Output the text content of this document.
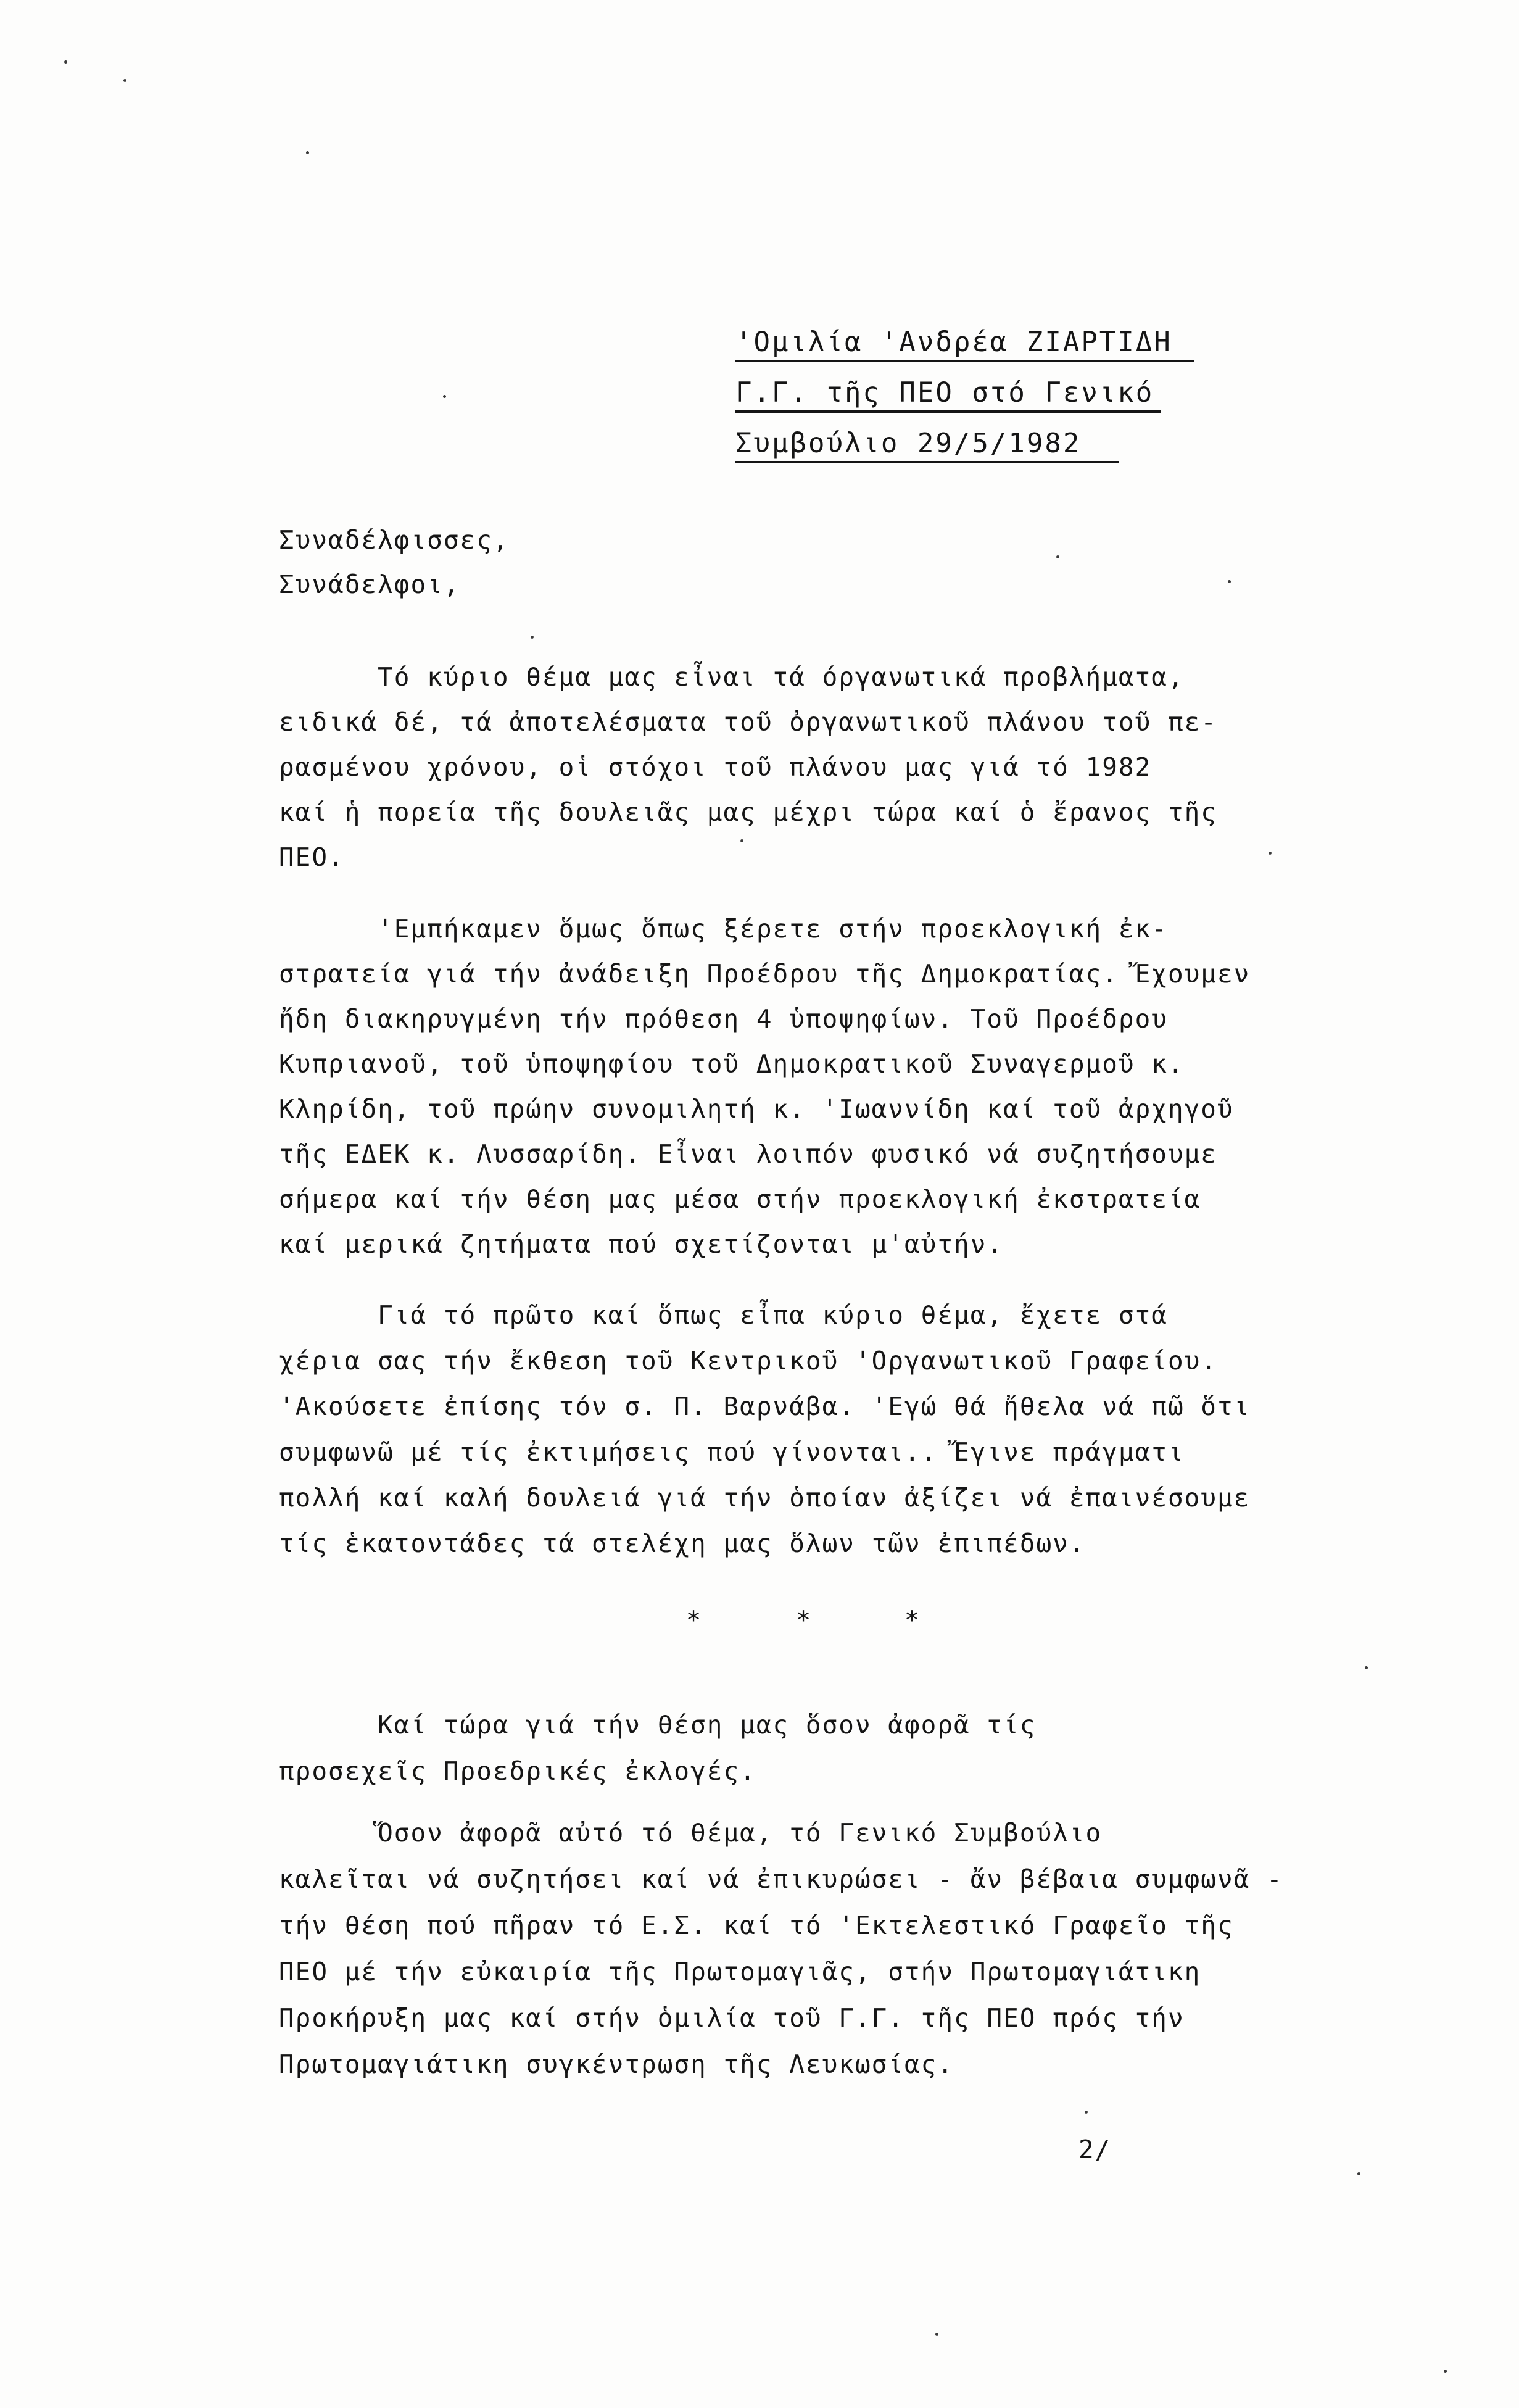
'Ομιλία 'Ανδρέα ΖΙΑΡΤΙΔΗ
Γ.Γ. τῆς ΠΕΟ στό Γενικό
Συμβούλιο 29/5/1982
Συναδέλφισσες,
Συνάδελφοι,
Τό κύριο θέμα μας εἶναι τά όργανωτικά προβλήματα,
ειδικά δέ, τά ἀποτελέσματα τοῦ ὀργανωτικοῦ πλάνου τοῦ πε-
ρασμένου χρόνου, οἱ στόχοι τοῦ πλάνου μας γιά τό 1982
καί ἡ πορεία τῆς δουλειᾶς μας μέχρι τώρα καί ὁ ἔρανος τῆς
ΠΕΟ.
'Εμπήκαμεν ὅμως ὅπως ξέρετε στήν προεκλογική ἐκ-
στρατεία γιά τήν ἀνάδειξη Προέδρου τῆς Δημοκρατίας. Ἔχουμεν
ἤδη διακηρυγμένη τήν πρόθεση 4 ὑποψηφίων. Τοῦ Προέδρου
Κυπριανοῦ, τοῦ ὑποψηφίου τοῦ Δημοκρατικοῦ Συναγερμοῦ κ.
Κληρίδη, τοῦ πρώην συνομιλητή κ. 'Ιωαννίδη καί τοῦ ἀρχηγοῦ
τῆς ΕΔΕΚ κ. Λυσσαρίδη. Εἶναι λοιπόν φυσικό νά συζητήσουμε
σήμερα καί τήν θέση μας μέσα στήν προεκλογική ἐκστρατεία
καί μερικά ζητήματα πού σχετίζονται μ'αὐτήν.
Γιά τό πρῶτο καί ὅπως εἶπα κύριο θέμα, ἔχετε στά
χέρια σας τήν ἔκθεση τοῦ Κεντρικοῦ 'Οργανωτικοῦ Γραφείου.
'Ακούσετε ἐπίσης τόν σ. Π. Βαρνάβα. 'Εγώ θά ἤθελα νά πῶ ὅτι
συμφωνῶ μέ τίς ἐκτιμήσεις πού γίνονται.. Ἔγινε πράγματι
πολλή καί καλή δουλειά γιά τήν ὁποίαν ἀξίζει νά ἐπαινέσουμε
τίς ἑκατοντάδες τά στελέχη μας ὅλων τῶν ἐπιπέδων.
*	*	*
Καί τώρα γιά τήν θέση μας ὅσον ἀφορᾶ τίς
προσεχεῖς Προεδρικές ἐκλογές.
Ὅσον ἀφορᾶ αὐτό τό θέμα, τό Γενικό Συμβούλιο
καλεῖται νά συζητήσει καί νά ἐπικυρώσει - ἄν βέβαια συμφωνᾶ -
τήν θέση πού πῆραν τό Ε.Σ. καί τό 'Εκτελεστικό Γραφεῖο τῆς
ΠΕΟ μέ τήν εὐκαιρία τῆς Πρωτομαγιᾶς, στήν Πρωτομαγιάτικη
Προκήρυξη μας καί στήν ὁμιλία τοῦ Γ.Γ. τῆς ΠΕΟ πρός τήν
Πρωτομαγιάτικη συγκέντρωση τῆς Λευκωσίας.
2/
